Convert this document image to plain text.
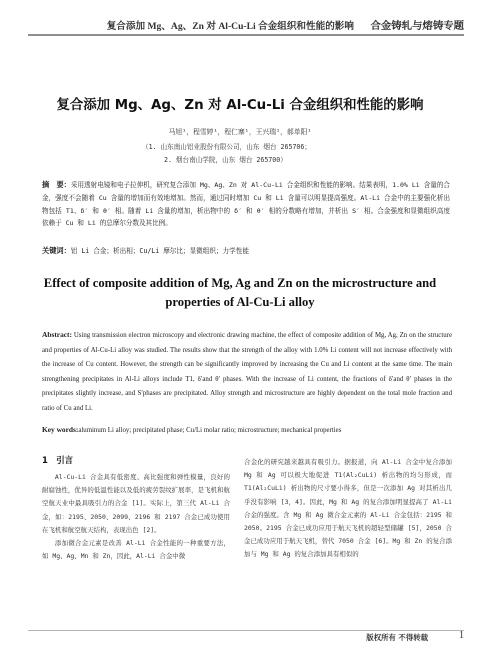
复合添加 Mg、Ag、Zn 对 Al-Cu-Li 合金组织和性能的影响 合金铸轧与熔铸专题
复合添加 Mg、Ag、Zn 对 Al-Cu-Li 合金组织和性能的影响
马旭¹，程雪婷¹，程仁寨¹，王兴瑞¹，郝单阳¹
（1. 山东南山铝业股份有限公司，山东 烟台 265706；
2. 烟台南山学院，山东 烟台 265700）
摘　要：采用透射电镜和电子拉伸机，研究复合添加 Mg、Ag、Zn 对 Al-Cu-Li 合金组织和性能的影响。结果表明，1.0% Li 含量的合金，强度不会随着 Cu 含量的增加而有效地增加。然而，通过同时增加 Cu 和 Li 含量可以明显提高强度。Al-Li 合金中的主要强化析出物包括 T1、δ′ 和 θ′ 相。随着 Li 含量的增加，析出物中的 δ′ 和 θ′ 相的分数略有增加，并析出 S′ 相。合金强度和显微组织高度依赖于 Cu 和 Li 的总摩尔分数及其比例。
关键词：铝 Li 合金；析出相；Cu/Li 摩尔比；显微组织；力学性能
Effect of composite addition of Mg, Ag and Zn on the microstructure and properties of Al-Cu-Li alloy
Abstract: Using transmission electron microscopy and electronic drawing machine, the effect of composite addition of Mg, Ag, Zn on the structure and properties of Al-Cu-Li alloy was studied. The results show that the strength of the alloy with 1.0% Li content will not increase effectively with the increase of Cu content. However, the strength can be significantly improved by increasing the Cu and Li content at the same time. The main strengthening precipitates in Al-Li alloys include T1, δ′and θ′ phases. With the increase of Li content, the fractions of δ′and θ′ phases in the precipitates slightly increase, and S′phases are precipitated. Alloy strength and microstructure are highly dependent on the total mole fraction and ratio of Cu and Li.
Key words:aluminum Li alloy; precipitated phase; Cu/Li molar ratio; microstructure; mechanical properties
1　引言

Al-Cu-Li 合金具有低密度、高比强度和弹性模量，良好的耐腐蚀性，优异的低温性能以及低的疲劳裂纹扩展率，是飞机和航空航天业中最具吸引力的合金 [1]。实际上，第三代 Al-Li 合金，如：2195、2050、2099、2196 和 2197 合金已成功使用在飞机和航空航天结构，表现出色 [2]。

添加微合金元素是改善 Al-Li 合金性能的一种重要方法，如 Mg、Ag、Mn 和 Zn，因此，Al-Li 合金中微

合金化的研究越来越具有吸引力。据报道，向 Al-Li 合金中复合添加 Mg 和 Ag 可以极大地促进 T1(Al₂CuLi) 析出物的均匀形成，而 T1(Al₂CuLi) 析出物的尺寸要小得多，但是一次添加 Ag 对其析出几乎没有影响 [3，4]。因此，Mg 和 Ag 的复合添加明显提高了 Al-Li 合金的强度。含 Mg 和 Ag 微合金元素的 Al-Li 合金包括：2195 和 2050。2195 合金已成功应用于航天飞机的超轻型储罐 [5]，2050 合金已成功应用于航天飞机，替代 7050 合金 [6]。Mg 和 Zn 的复合添加与 Mg 和 Ag 的复合添加具有相似的

版权所有 不得转载	1
